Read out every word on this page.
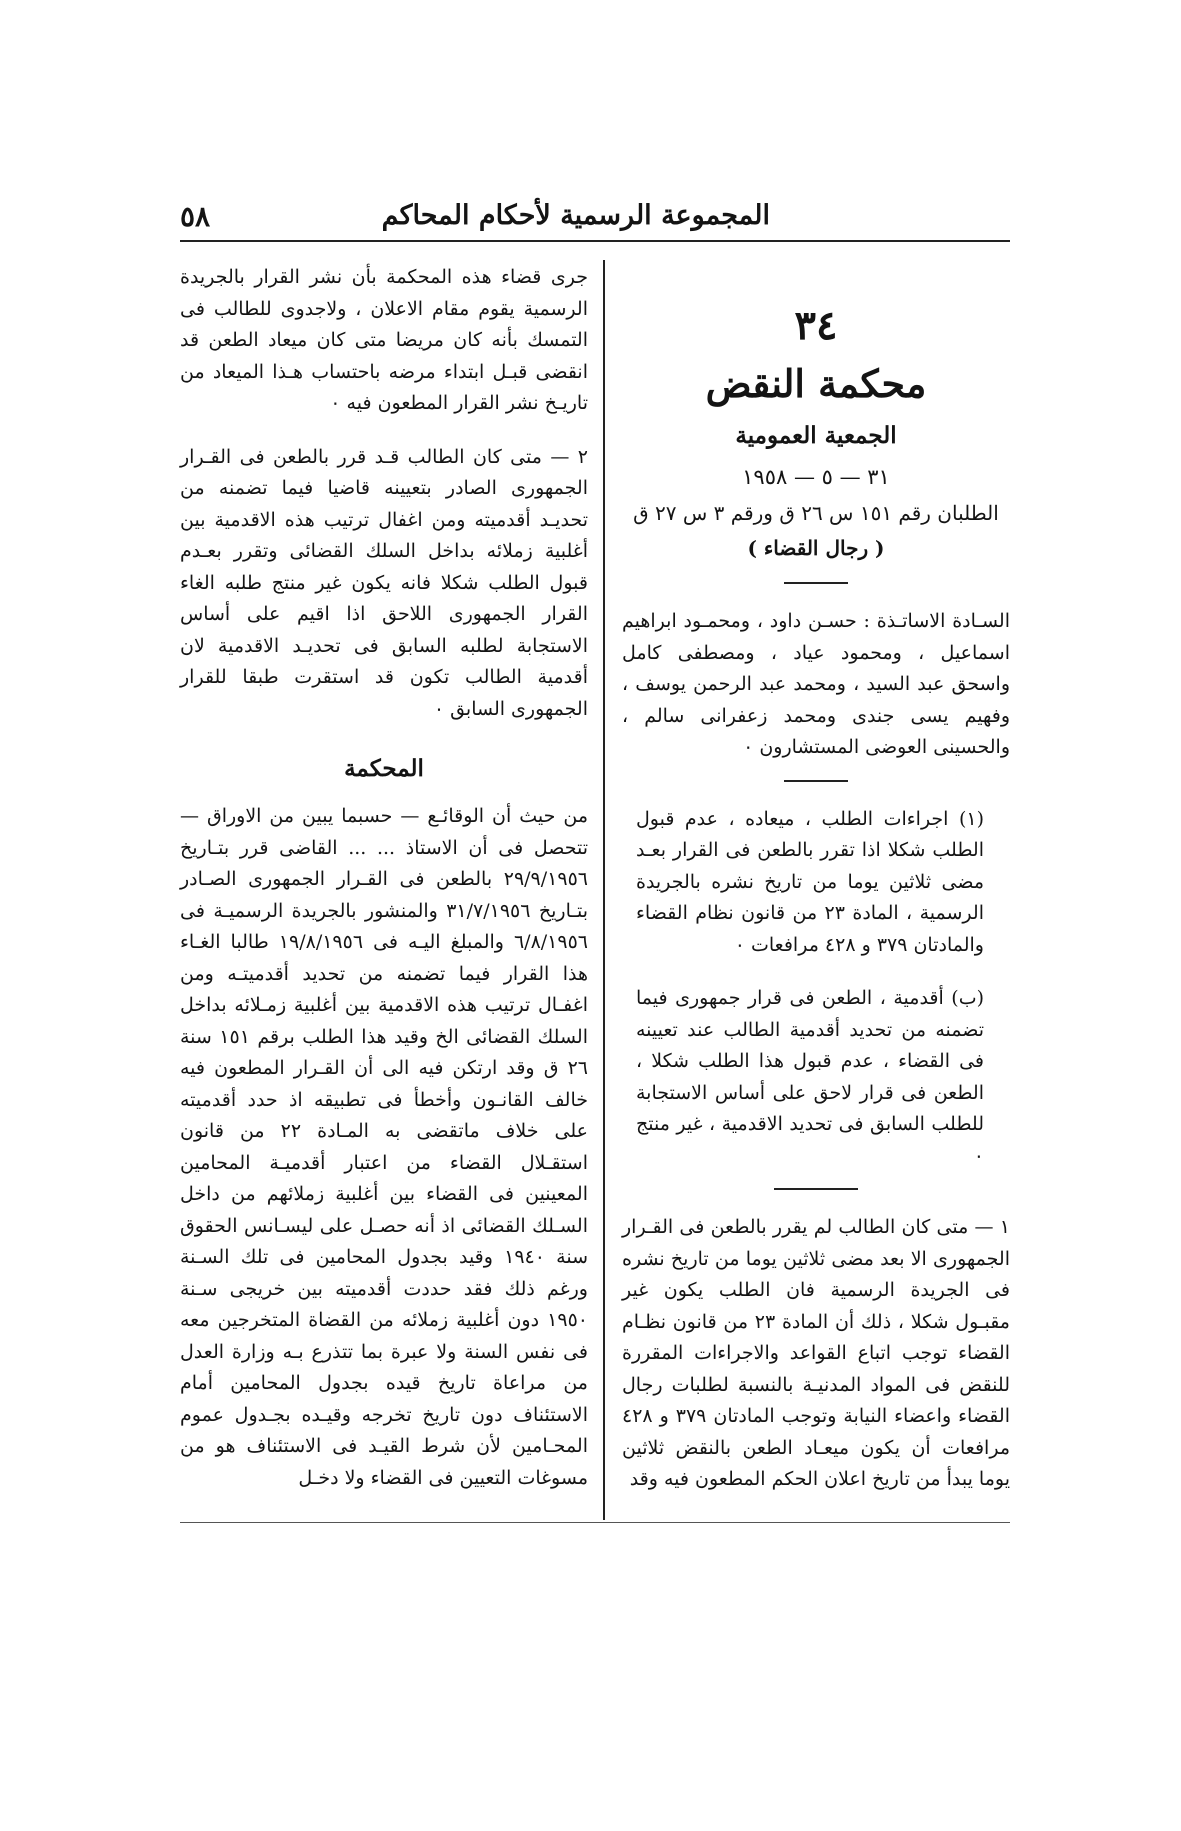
المجموعة الرسمية لأحكام المحاكم
٥٨

٣٤

محكمة النقض

الجمعية العمومية

٣١ — ٥ — ١٩٥٨

الطلبان رقم ١٥١ س ٢٦ ق ورقم ٣ س ٢٧ ق

( رجال القضاء )

السـادة الاساتـذة : حسـن داود ، ومحمـود ابراهيم اسماعيل ، ومحمود عياد ، ومصطفى كامل واسحق عبد السيد ، ومحمد عبد الرحمن يوسف ، وفهيم يسى جندى ومحمد زعفرانى سالم ، والحسينى العوضى المستشارون ٠

(١) اجراءات الطلب ، ميعاده ، عدم قبول الطلب شكلا اذا تقرر بالطعن فى القرار بعـد مضى ثلاثين يوما من تاريخ نشره بالجريدة الرسمية ، المادة ٢٣ من قانون نظام القضاء والمادتان ٣٧٩ و ٤٢٨ مرافعات ٠

(ب) أقدمية ، الطعن فى قرار جمهورى فيما تضمنه من تحديد أقدمية الطالب عند تعيينه فى القضاء ، عدم قبول هذا الطلب شكلا ، الطعن فى قرار لاحق على أساس الاستجابة للطلب السابق فى تحديد الاقدمية ، غير منتج ٠

١ — متى كان الطالب لم يقرر بالطعن فى القـرار الجمهورى الا بعد مضى ثلاثين يوما من تاريخ نشره فى الجريدة الرسمية فان الطلب يكون غير مقبـول شكلا ، ذلك أن المادة ٢٣ من قانون نظـام القضاء توجب اتباع القواعد والاجراءات المقررة للنقض فى المواد المدنيـة بالنسبة لطلبات رجال القضاء واعضاء النيابة وتوجب المادتان ٣٧٩ و ٤٢٨ مرافعات أن يكون ميعـاد الطعن بالنقض ثلاثين يوما يبدأ من تاريخ اعلان الحكم المطعون فيه وقد

جرى قضاء هذه المحكمة بأن نشر القرار بالجريدة الرسمية يقوم مقام الاعلان ، ولاجدوى للطالب فى التمسك بأنه كان مريضا متى كان ميعاد الطعن قد انقضى قبـل ابتداء مرضه باحتساب هـذا الميعاد من تاريـخ نشر القرار المطعون فيه ٠

٢ — متى كان الطالب قـد قرر بالطعن فى القـرار الجمهورى الصادر بتعيينه قاضيا فيما تضمنه من تحديـد أقدميته ومن اغفال ترتيب هذه الاقدمية بين أغلبية زملائه بداخل السلك القضائى وتقرر بعـدم قبول الطلب شكلا فانه يكون غير منتج طلبه الغاء القرار الجمهورى اللاحق اذا اقيم على أساس الاستجابة لطلبه السابق فى تحديـد الاقدمية لان أقدمية الطالب تكون قد استقرت طبقا للقرار الجمهورى السابق ٠

المحكمة

من حيث أن الوقائـع — حسبما يبين من الاوراق — تتحصل فى أن الاستاذ ... ... القاضى قرر بتـاريخ ٢٩/٩/١٩٥٦ بالطعن فى القـرار الجمهورى الصـادر بتـاريخ ٣١/٧/١٩٥٦ والمنشور بالجريدة الرسميـة فى ٦/٨/١٩٥٦ والمبلغ اليـه فى ١٩/٨/١٩٥٦ طالبا الغـاء هذا القرار فيما تضمنه من تحديد أقدميتـه ومن اغفـال ترتيب هذه الاقدمية بين أغلبية زمـلائه بداخل السلك القضائى الخ وقيد هذا الطلب برقم ١٥١ سنة ٢٦ ق وقد ارتكن فيه الى أن القـرار المطعون فيه خالف القانـون وأخطأ فى تطبيقه اذ حدد أقدميته على خلاف ماتقضى به المـادة ٢٢ من قانون استقـلال القضاء من اعتبار أقدميـة المحامين المعينين فى القضاء بين أغلبية زملائهم من داخل السـلك القضائى اذ أنه حصـل على ليسـانس الحقوق سنة ١٩٤٠ وقيد بجدول المحامين فى تلك السـنة ورغم ذلك فقد حددت أقدميته بين خريجى سـنة ١٩٥٠ دون أغلبية زملائه من القضاة المتخرجين معه فى نفس السنة ولا عبرة بما تتذرع بـه وزارة العدل من مراعاة تاريخ قيده بجدول المحامين أمام الاستئناف دون تاريخ تخرجه وقيـده بجـدول عموم المحـامين لأن شرط القيـد فى الاستئناف هو من مسوغات التعيين فى القضاء ولا دخـل
